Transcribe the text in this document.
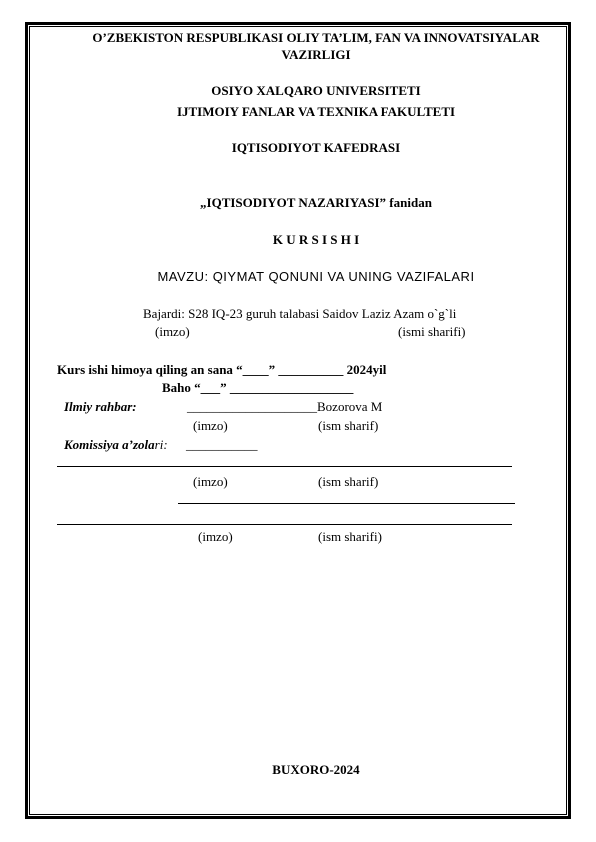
O’ZBEKISTON RESPUBLIKASI OLIY TA’LIM, FAN VA INNOVATSIYALAR
VAZIRLIGI
OSIYO XALQARO UNIVERSITETI
IJTIMOIY FANLAR VA TEXNIKA FAKULTETI
IQTISODIYOT KAFEDRASI
„IQTISODIYOT NAZARIYASI” fanidan
K U R S I S H I
MAVZU: QIYMAT QONUNI VA UNING VAZIFALARI
Bajardi: S28 IQ-23 guruh talabasi Saidov Laziz Azam o`g`li
(imzo)	(ismi sharifi)
Kurs ishi himoya qiling an sana “____” __________ 2024yil
Baho “___” ___________________
Ilmiy rahbar:	____________________Bozorova M
(imzo)	(ism sharif)
Komissiya a’zolari: ___________
(imzo)	(ism sharif)
(imzo)	(ism sharifi)
BUXORO-2024
